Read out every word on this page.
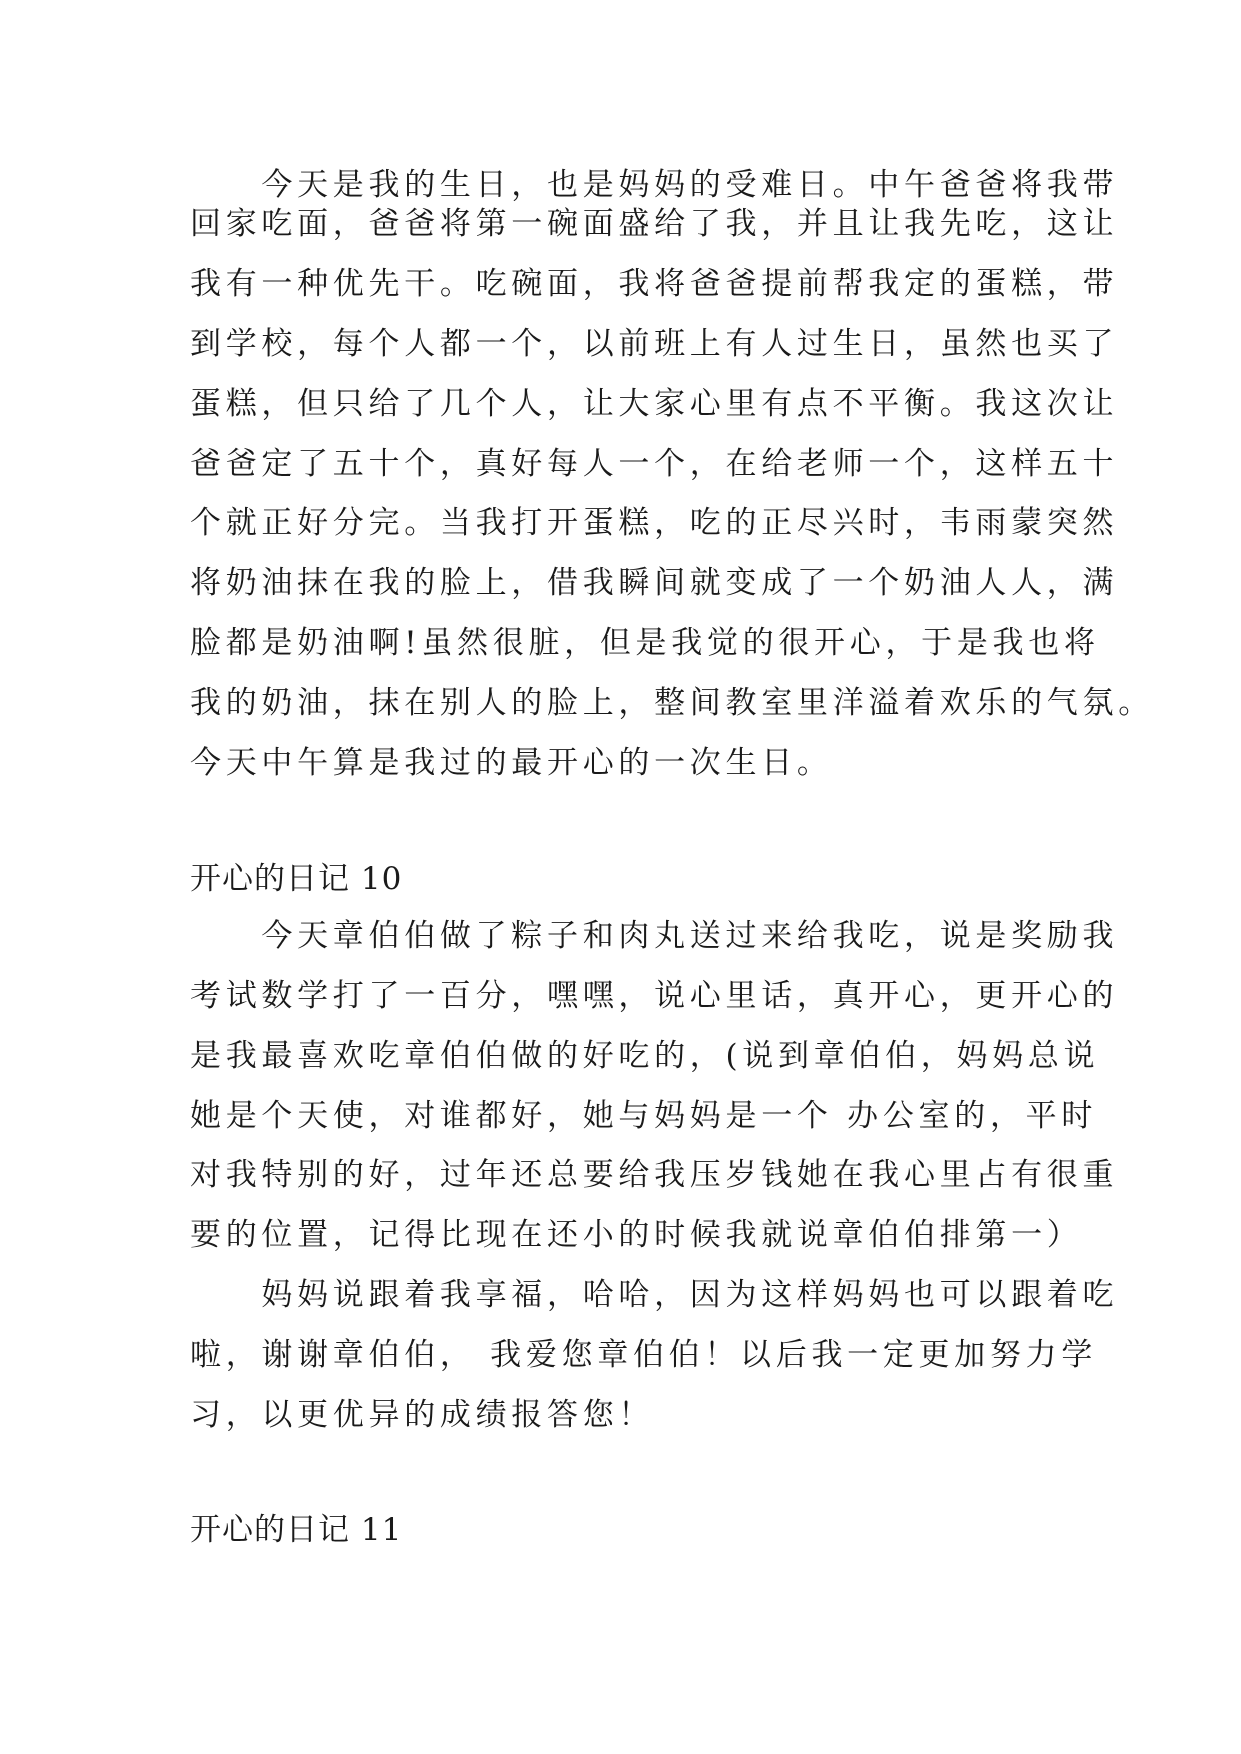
　　今天是我的生日，也是妈妈的受难日。中午爸爸将我带
回家吃面，爸爸将第一碗面盛给了我，并且让我先吃，这让
我有一种优先干。吃碗面，我将爸爸提前帮我定的蛋糕，带
到学校，每个人都一个，以前班上有人过生日，虽然也买了
蛋糕，但只给了几个人，让大家心里有点不平衡。我这次让
爸爸定了五十个，真好每人一个，在给老师一个，这样五十
个就正好分完。当我打开蛋糕，吃的正尽兴时，韦雨蒙突然
将奶油抹在我的脸上，借我瞬间就变成了一个奶油人人，满
脸都是奶油啊!虽然很脏，但是我觉的很开心，于是我也将
我的奶油，抹在别人的脸上，整间教室里洋溢着欢乐的气氛。
今天中午算是我过的最开心的一次生日。
开心的日记 10
　　今天章伯伯做了粽子和肉丸送过来给我吃，说是奖励我
考试数学打了一百分，嘿嘿，说心里话，真开心，更开心的
是我最喜欢吃章伯伯做的好吃的，(说到章伯伯，妈妈总说
她是个天使，对谁都好，她与妈妈是一个 办公室的，平时
对我特别的好，过年还总要给我压岁钱她在我心里占有很重
要的位置，记得比现在还小的时候我就说章伯伯排第一）
　　妈妈说跟着我享福，哈哈，因为这样妈妈也可以跟着吃
啦，谢谢章伯伯， 我爱您章伯伯！以后我一定更加努力学
习，以更优异的成绩报答您！
开心的日记 11
